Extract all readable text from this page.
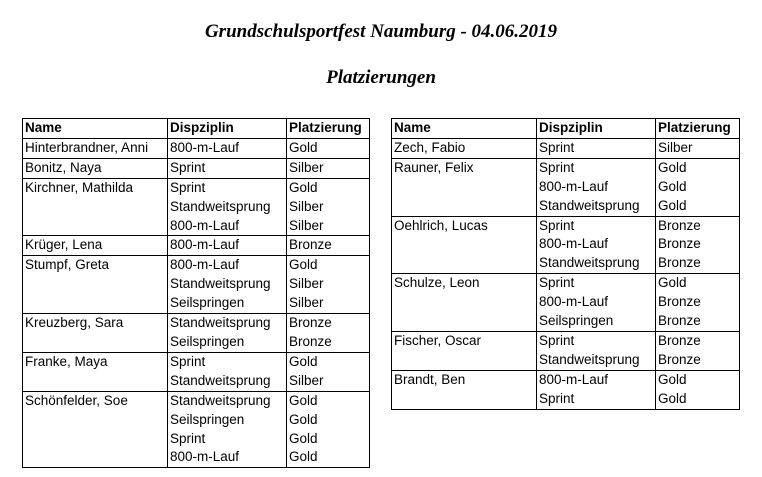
Grundschulsportfest Naumburg - 04.06.2019
Platzierungen
Name	Dispziplin	Platzierung
Hinterbrandner, Anni	800-m-Lauf	Gold
Bonitz, Naya	Sprint	Silber
Kirchner, Mathilda	Sprint	Gold
	Standweitsprung	Silber
	800-m-Lauf	Silber
Krüger, Lena	800-m-Lauf	Bronze
Stumpf, Greta	800-m-Lauf	Gold
	Standweitsprung	Silber
	Seilspringen	Silber
Kreuzberg, Sara	Standweitsprung	Bronze
	Seilspringen	Bronze
Franke, Maya	Sprint	Gold
	Standweitsprung	Silber
Schönfelder, Soe	Standweitsprung	Gold
	Seilspringen	Gold
	Sprint	Gold
	800-m-Lauf	Gold
Name	Dispziplin	Platzierung
Zech, Fabio	Sprint	Silber
Rauner, Felix	Sprint	Gold
	800-m-Lauf	Gold
	Standweitsprung	Gold
Oehlrich, Lucas	Sprint	Bronze
	800-m-Lauf	Bronze
	Standweitsprung	Bronze
Schulze, Leon	Sprint	Gold
	800-m-Lauf	Bronze
	Seilspringen	Bronze
Fischer, Oscar	Sprint	Bronze
	Standweitsprung	Bronze
Brandt, Ben	800-m-Lauf	Gold
	Sprint	Gold
